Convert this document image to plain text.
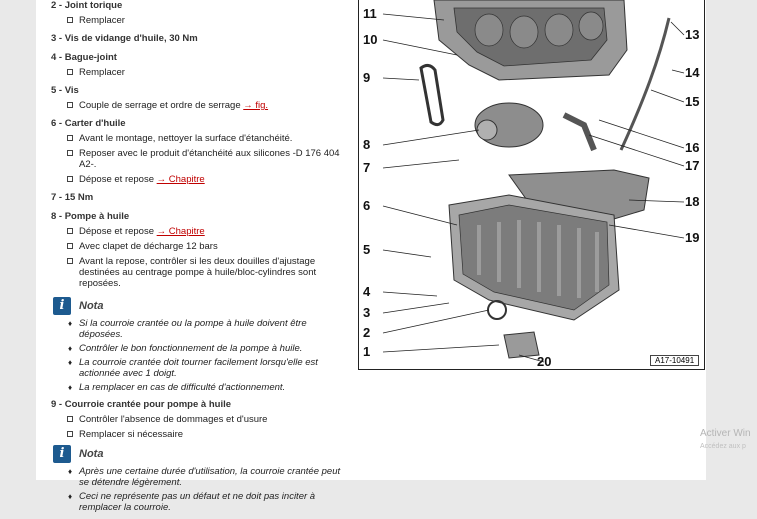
2 - Joint torique
Remplacer
3 - Vis de vidange d'huile, 30 Nm
4 - Bague-joint
Remplacer
5 - Vis
Couple de serrage et ordre de serrage → fig.
6 - Carter d'huile
Avant le montage, nettoyer la surface d'étanchéité.
Reposer avec le produit d'étanchéité aux silicones -D 176 404 A2-.
Dépose et repose → Chapitre
7 - 15 Nm
8 - Pompe à huile
Dépose et repose → Chapitre
Avec clapet de décharge 12 bars
Avant la repose, contrôler si les deux douilles d'ajustage destinées au centrage pompe à huile/bloc-cylindres sont reposées.
i	Nota
♦ Si la courroie crantée ou la pompe à huile doivent être déposées.
♦ Contrôler le bon fonctionnement de la pompe à huile.
♦ La courroie crantée doit tourner facilement lorsqu'elle est actionnée avec 1 doigt.
♦ La remplacer en cas de difficulté d'actionnement.
9 - Courroie crantée pour pompe à huile
Contrôler l'absence de dommages et d'usure
Remplacer si nécessaire
i	Nota
♦ Après une certaine durée d'utilisation, la courroie crantée peut se détendre légèrement.
♦ Ceci ne représente pas un défaut et ne doit pas inciter à remplacer la courroie.
1
2
3
4
5
6
7
8
9
10
11
13
14
15
16
17
18
19
20	A17-10491
Activer Win
Accédez aux p
